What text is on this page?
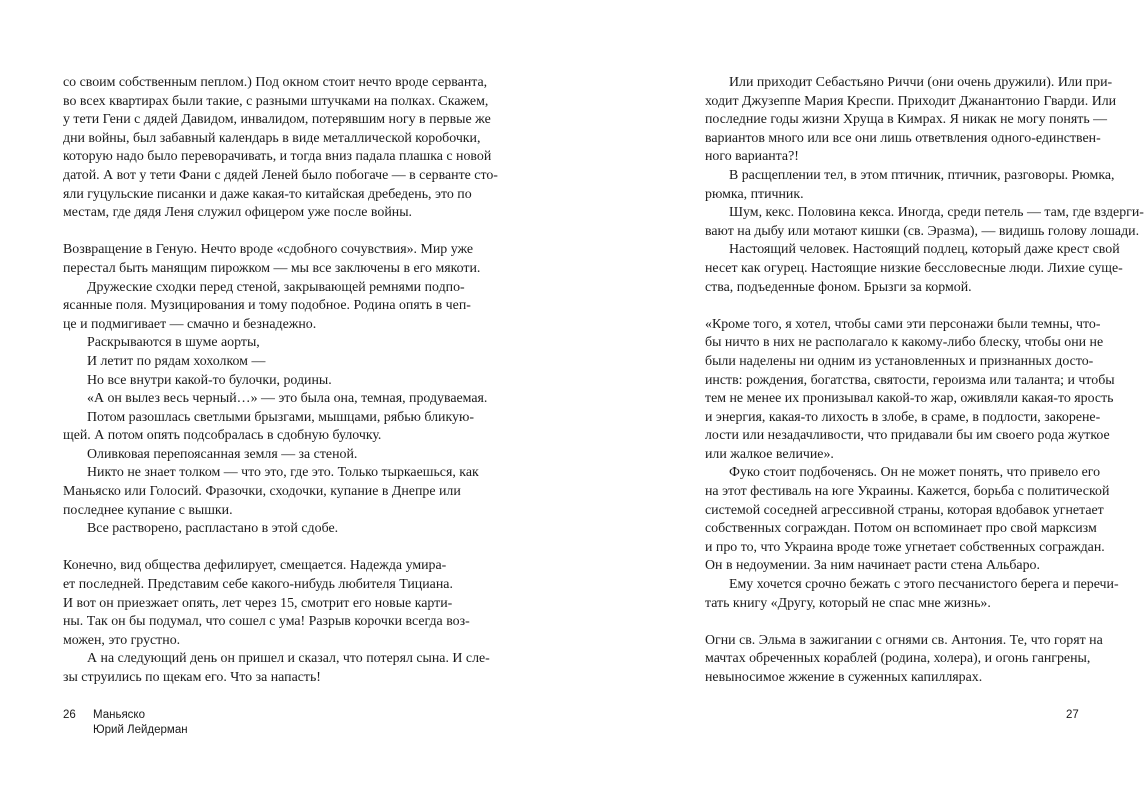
со своим собственным пеплом.) Под окном стоит нечто вроде серванта,
во всех квартирах были такие, с разными штучками на полках. Скажем,
у тети Гени с дядей Давидом, инвалидом, потерявшим ногу в первые же
дни войны, был забавный календарь в виде металлической коробочки,
которую надо было переворачивать, и тогда вниз падала плашка с новой
датой. А вот у тети Фани с дядей Леней было побогаче — в серванте сто-
яли гуцульские писанки и даже какая-то китайская дребедень, это по
местам, где дядя Леня служил офицером уже после войны.
Возвращение в Геную. Нечто вроде «сдобного сочувствия». Мир уже
перестал быть манящим пирожком — мы все заключены в его мякоти.
Дружеские сходки перед стеной, закрывающей ремнями подпо-
ясанные поля. Музицирования и тому подобное. Родина опять в чеп-
це и подмигивает — смачно и безнадежно.
Раскрываются в шуме аорты,
И летит по рядам хохолком —
Но все внутри какой-то булочки, родины.
«А он вылез весь черный…» — это была она, темная, продуваемая.
Потом разошлась светлыми брызгами, мышцами, рябью бликую-
щей. А потом опять подсобралась в сдобную булочку.
Оливковая перепоясанная земля — за стеной.
Никто не знает толком — что это, где это. Только тыркаешься, как
Маньяско или Голосий. Фразочки, сходочки, купание в Днепре или
последнее купание с вышки.
Все растворено, распластано в этой сдобе.
Конечно, вид общества дефилирует, смещается. Надежда умира-
ет последней. Представим себе какого-нибудь любителя Тициана.
И вот он приезжает опять, лет через 15, смотрит его новые карти-
ны. Так он бы подумал, что сошел с ума! Разрыв корочки всегда воз-
можен, это грустно.
А на следующий день он пришел и сказал, что потерял сына. И слe-
зы струились по щекам его. Что за напасть!
Или приходит Себастьяно Риччи (они очень дружили). Или при-
ходит Джузеппе Мария Креспи. Приходит Джанантонио Гварди. Или
последние годы жизни Хруща в Кимрах. Я никак не могу понять —
вариантов много или все они лишь ответвления одного-единствен-
ного варианта?!
В расщеплении тел, в этом птичник, птичник, разговоры. Рюмка,
рюмка, птичник.
Шум, кекс. Половина кекса. Иногда, среди петель — там, где вздерги-
вают на дыбу или мотают кишки (св. Эразма), — видишь голову лошади.
Настоящий человек. Настоящий подлец, который даже крест свой
несет как огурец. Настоящие низкие бессловесные люди. Лихие суще-
ства, подъеденные фоном. Брызги за кормой.
«Кроме того, я хотел, чтобы сами эти персонажи были темны, что-
бы ничто в них не располагало к какому-либо блеску, чтобы они не
были наделены ни одним из установленных и признанных досто-
инств: рождения, богатства, святости, героизма или таланта; и чтобы
тем не менее их пронизывал какой-то жар, оживляли какая-то ярость
и энергия, какая-то лихость в злобе, в сраме, в подлости, закорене-
лости или незадачливости, что придавали бы им своего рода жуткое
или жалкое величие».
Фуко стоит подбоченясь. Он не может понять, что привело его
на этот фестиваль на юге Украины. Кажется, борьба с политической
системой соседней агрессивной страны, которая вдобавок угнетает
собственных сограждан. Потом он вспоминает про свой марксизм
и про то, что Украина вроде тоже угнетает собственных сограждан.
Он в недоумении. За ним начинает расти стена Альбаро.
Ему хочется срочно бежать с этого песчанистого берега и перечи-
тать книгу «Другу, который не спас мне жизнь».
Огни св. Эльма в зажигании с огнями св. Антония. Те, что горят на
мачтах обреченных кораблей (родина, холера), и огонь гангрены,
невыносимое жжение в суженных капиллярах.
26 Маньяско
Юрий Лейдерман
27
